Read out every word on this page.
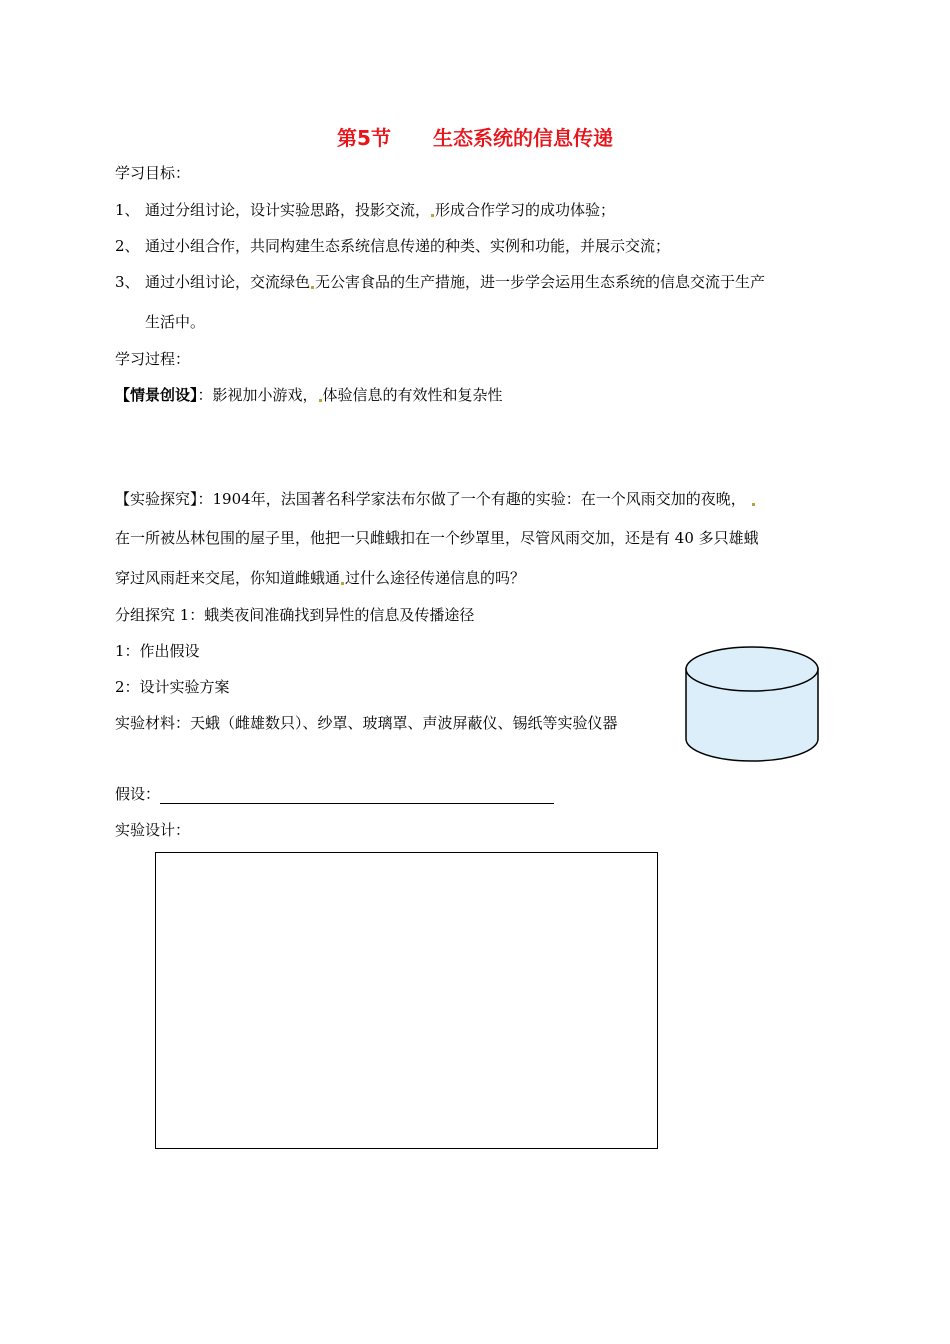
第5节 生态系统的信息传递
学习目标：
1、 通过分组讨论，设计实验思路，投影交流， 形成合作学习的成功体验；
2、 通过小组合作，共同构建生态系统信息传递的种类、实例和功能，并展示交流；
3、 通过小组讨论，交流绿色 无公害食品的生产措施，进一步学会运用生态系统的信息交流于生产
生活中。
学习过程：
【情景创设】：影视加小游戏， 体验信息的有效性和复杂性
【实验探究】：1904年，法国著名科学家法布尔做了一个有趣的实验：在一个风雨交加的夜晚，
在一所被丛林包围的屋子里，他把一只雌蛾扣在一个纱罩里，尽管风雨交加，还是有 40 多只雄蛾
穿过风雨赶来交尾，你知道雌蛾通 过什么途径传递信息的吗？
分组探究 1：蛾类夜间准确找到异性的信息及传播途径
1：作出假设
2：设计实验方案
实验材料：天蛾（雌雄数只）、纱罩、玻璃罩、声波屏蔽仪、锡纸等实验仪器
假设：
实验设计：
